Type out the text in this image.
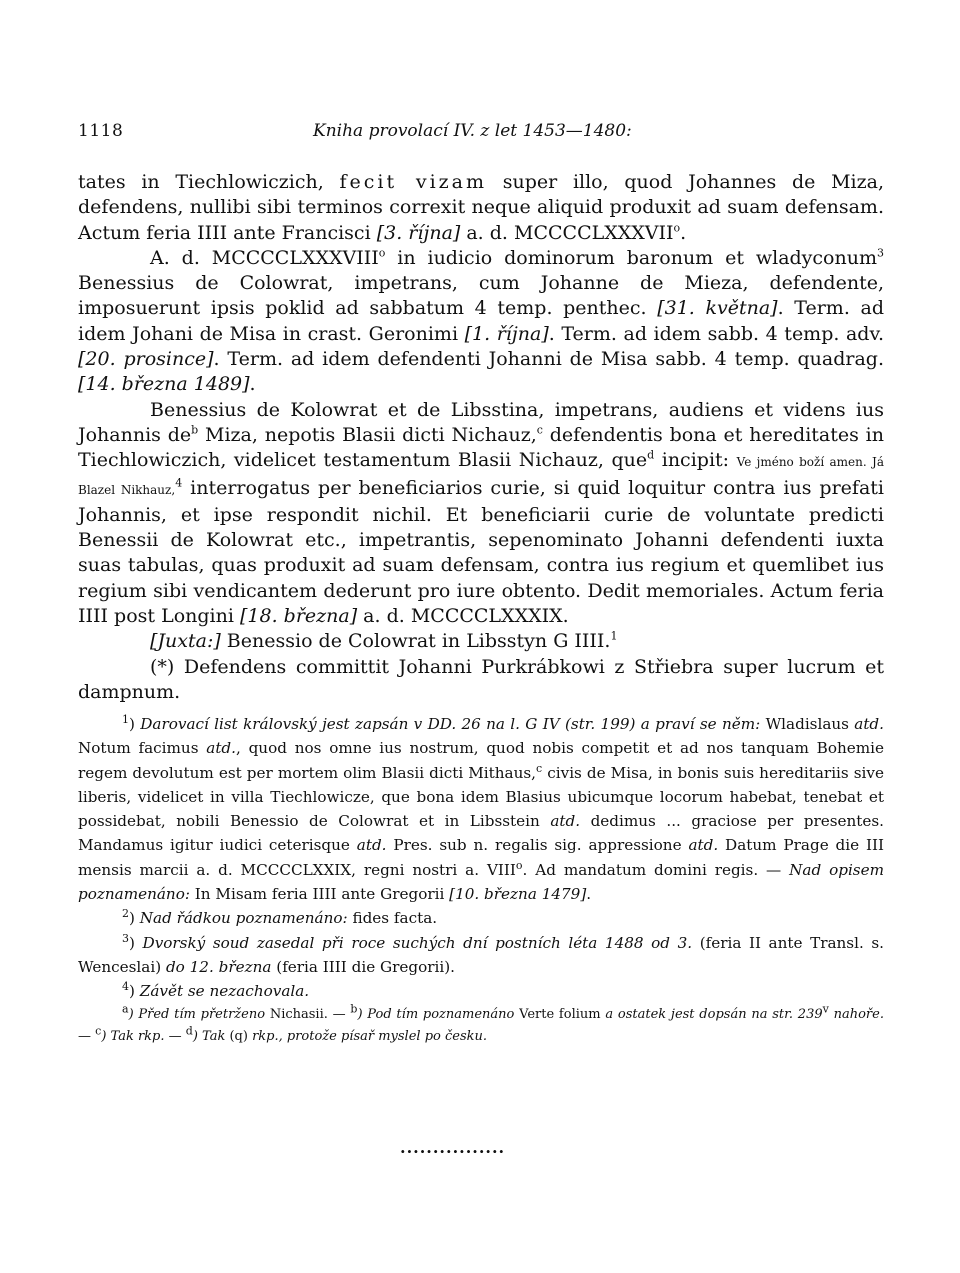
1118	Kniha provolací IV. z let 1453—1480:

tates in Tiechlowiczich, fecit vizam super illo, quod Johannes de Miza, defendens, nullibi sibi terminos correxit neque aliquid produxit ad suam defensam. Actum feria IIII ante Francisci [3. října] a. d. MCCCCLXXXVII$^o$.

A. d. MCCCCLXXXVIII$^o$ in iudicio dominorum baronum et wladyconum$^3$ Benessius de Colowrat, impetrans, cum Johanne de Mieza, defendente, imposuerunt ipsis poklid ad sabbatum 4 temp. penthec. [31. května]. Term. ad idem Johani de Misa in crast. Geronimi [1. října]. Term. ad idem sabb. 4 temp. adv. [20. prosince]. Term. ad idem defendenti Johanni de Misa sabb. 4 temp. quadrag. [14. března 1489].

Benessius de Kolowrat et de Libsstina, impetrans, audiens et videns ius Johannis $de^b$ Miza, nepotis Blasii dicti Nichauz,$^c$ defendentis bona et hereditates in Tiechlowiczich, videlicet testamentum Blasii Nichauz, que$^d$ incipit: Ve jméno boží amen. Já Blazel Nikhauz,$^4$ interrogatus per beneficiarios curie, si quid loquitur contra ius prefati Johannis, et ipse respondit nichil. Et beneficiarii curie de voluntate predicti Benessii de Kolowrat etc., impetrantis, sepenominato Johanni defendenti iuxta suas tabulas, quas produxit ad suam defensam, contra ius regium et quemlibet ius regium sibi vendicantem dederunt pro iure obtento. Dedit memoriales. Actum feria IIII post Longini [18. března] a. d. MCCCCLXXXIX.

[Juxta:] Benessio de Colowrat in Libsstyn G IIII.$^1$

(*) Defendens committit Johanni Purkrábkowi z Střiebra super lucrum et dampnum.

$^1$) Darovací list královský jest zapsán v DD. 26 na l. G IV (str. 199) a praví se něm: Wladislaus atd. Notum facimus atd., quod nos omne ius nostrum, quod nobis competit et ad nos tanquam Bohemie regem devolutum est per mortem olim Blasii dicti Mithaus,$^c$ civis de Misa, in bonis suis hereditariis sive liberis, videlicet in villa Tiechlowicze, que bona idem Blasius ubicumque locorum habebat, tenebat et possidebat, nobili Benessio de Colowrat et in Libsstein atd. dedimus ... graciose per presentes. Mandamus igitur iudici ceterisque atd. Pres. sub n. regalis sig. appressione atd. Datum Prage die III mensis marcii a. d. MCCCCLXXIX, regni nostri a. VIII$^o$. Ad mandatum domini regis. — Nad opisem poznamenáno: In Misam feria IIII ante Gregorii [10. března 1479].

$^2$) Nad řádkou poznamenáno: fides facta.

$^3$) Dvorský soud zasedal při roce suchých dní postních léta 1488 od 3. (feria II ante Transl. s. Wenceslai) do 12. března (feria IIII die Gregorii).

$^4$) Závět se nezachovala.

$^a$) Před tím přetrženo Nichasii. — $^b$) Pod tím poznamenáno Verte folium a ostatek jest dopsán na str. 239$^v$ nahoře. — $^c$) Tak rkp. — $^d$) Tak (q) rkp., protože písař myslel po česku.

................
